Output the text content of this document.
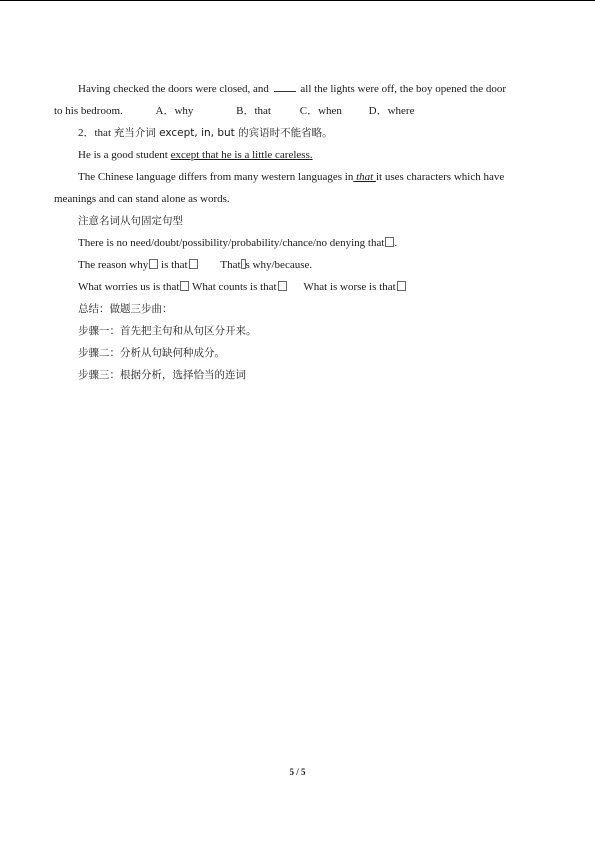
Having checked the doors were closed, and	all the lights were off, the boy opened the door

to his bedroom.	A．why	B．that	C．when D．where

2．that 充当介词 except, in, but 的宾语时不能省略。

He is a good student except that he is a little careless.

The Chinese language differs from many western languages in that it uses characters which have

meanings and can stand alone as words.

注意名词从句固定句型

There is no need/doubt/possibility/probability/chance/no denying that .

The reason why is that	That s why/because.

What worries us is that What counts is that What is worse is that

总结：做题三步曲：

步骤一：首先把主句和从句区分开来。

步骤二：分析从句缺何种成分。

步骤三：根据分析，选择恰当的连词

5 / 5
